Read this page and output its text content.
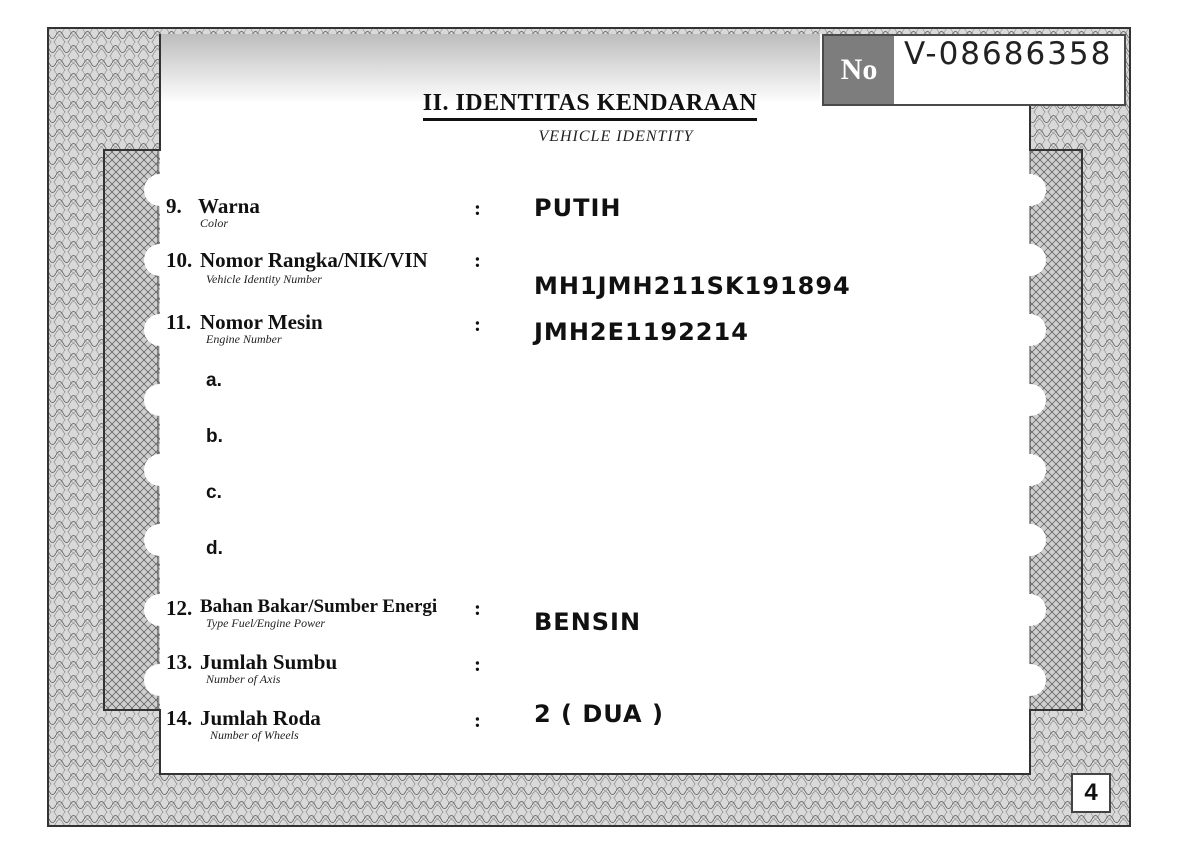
No V-08686358
II. IDENTITAS KENDARAAN
VEHICLE IDENTITY
9. Warna
Color
: PUTIH
10. Nomor Rangka/NIK/VIN
Vehicle Identity Number
:
MH1JMH211SK191894
11. Nomor Mesin
Engine Number
: JMH2E1192214
a.
b.
c.
d.
12. Bahan Bakar/Sumber Energi
Type Fuel/Engine Power
: BENSIN
13. Jumlah Sumbu
Number of Axis
:
14. Jumlah Roda
Number of Wheels
: 2 ( DUA )
4
